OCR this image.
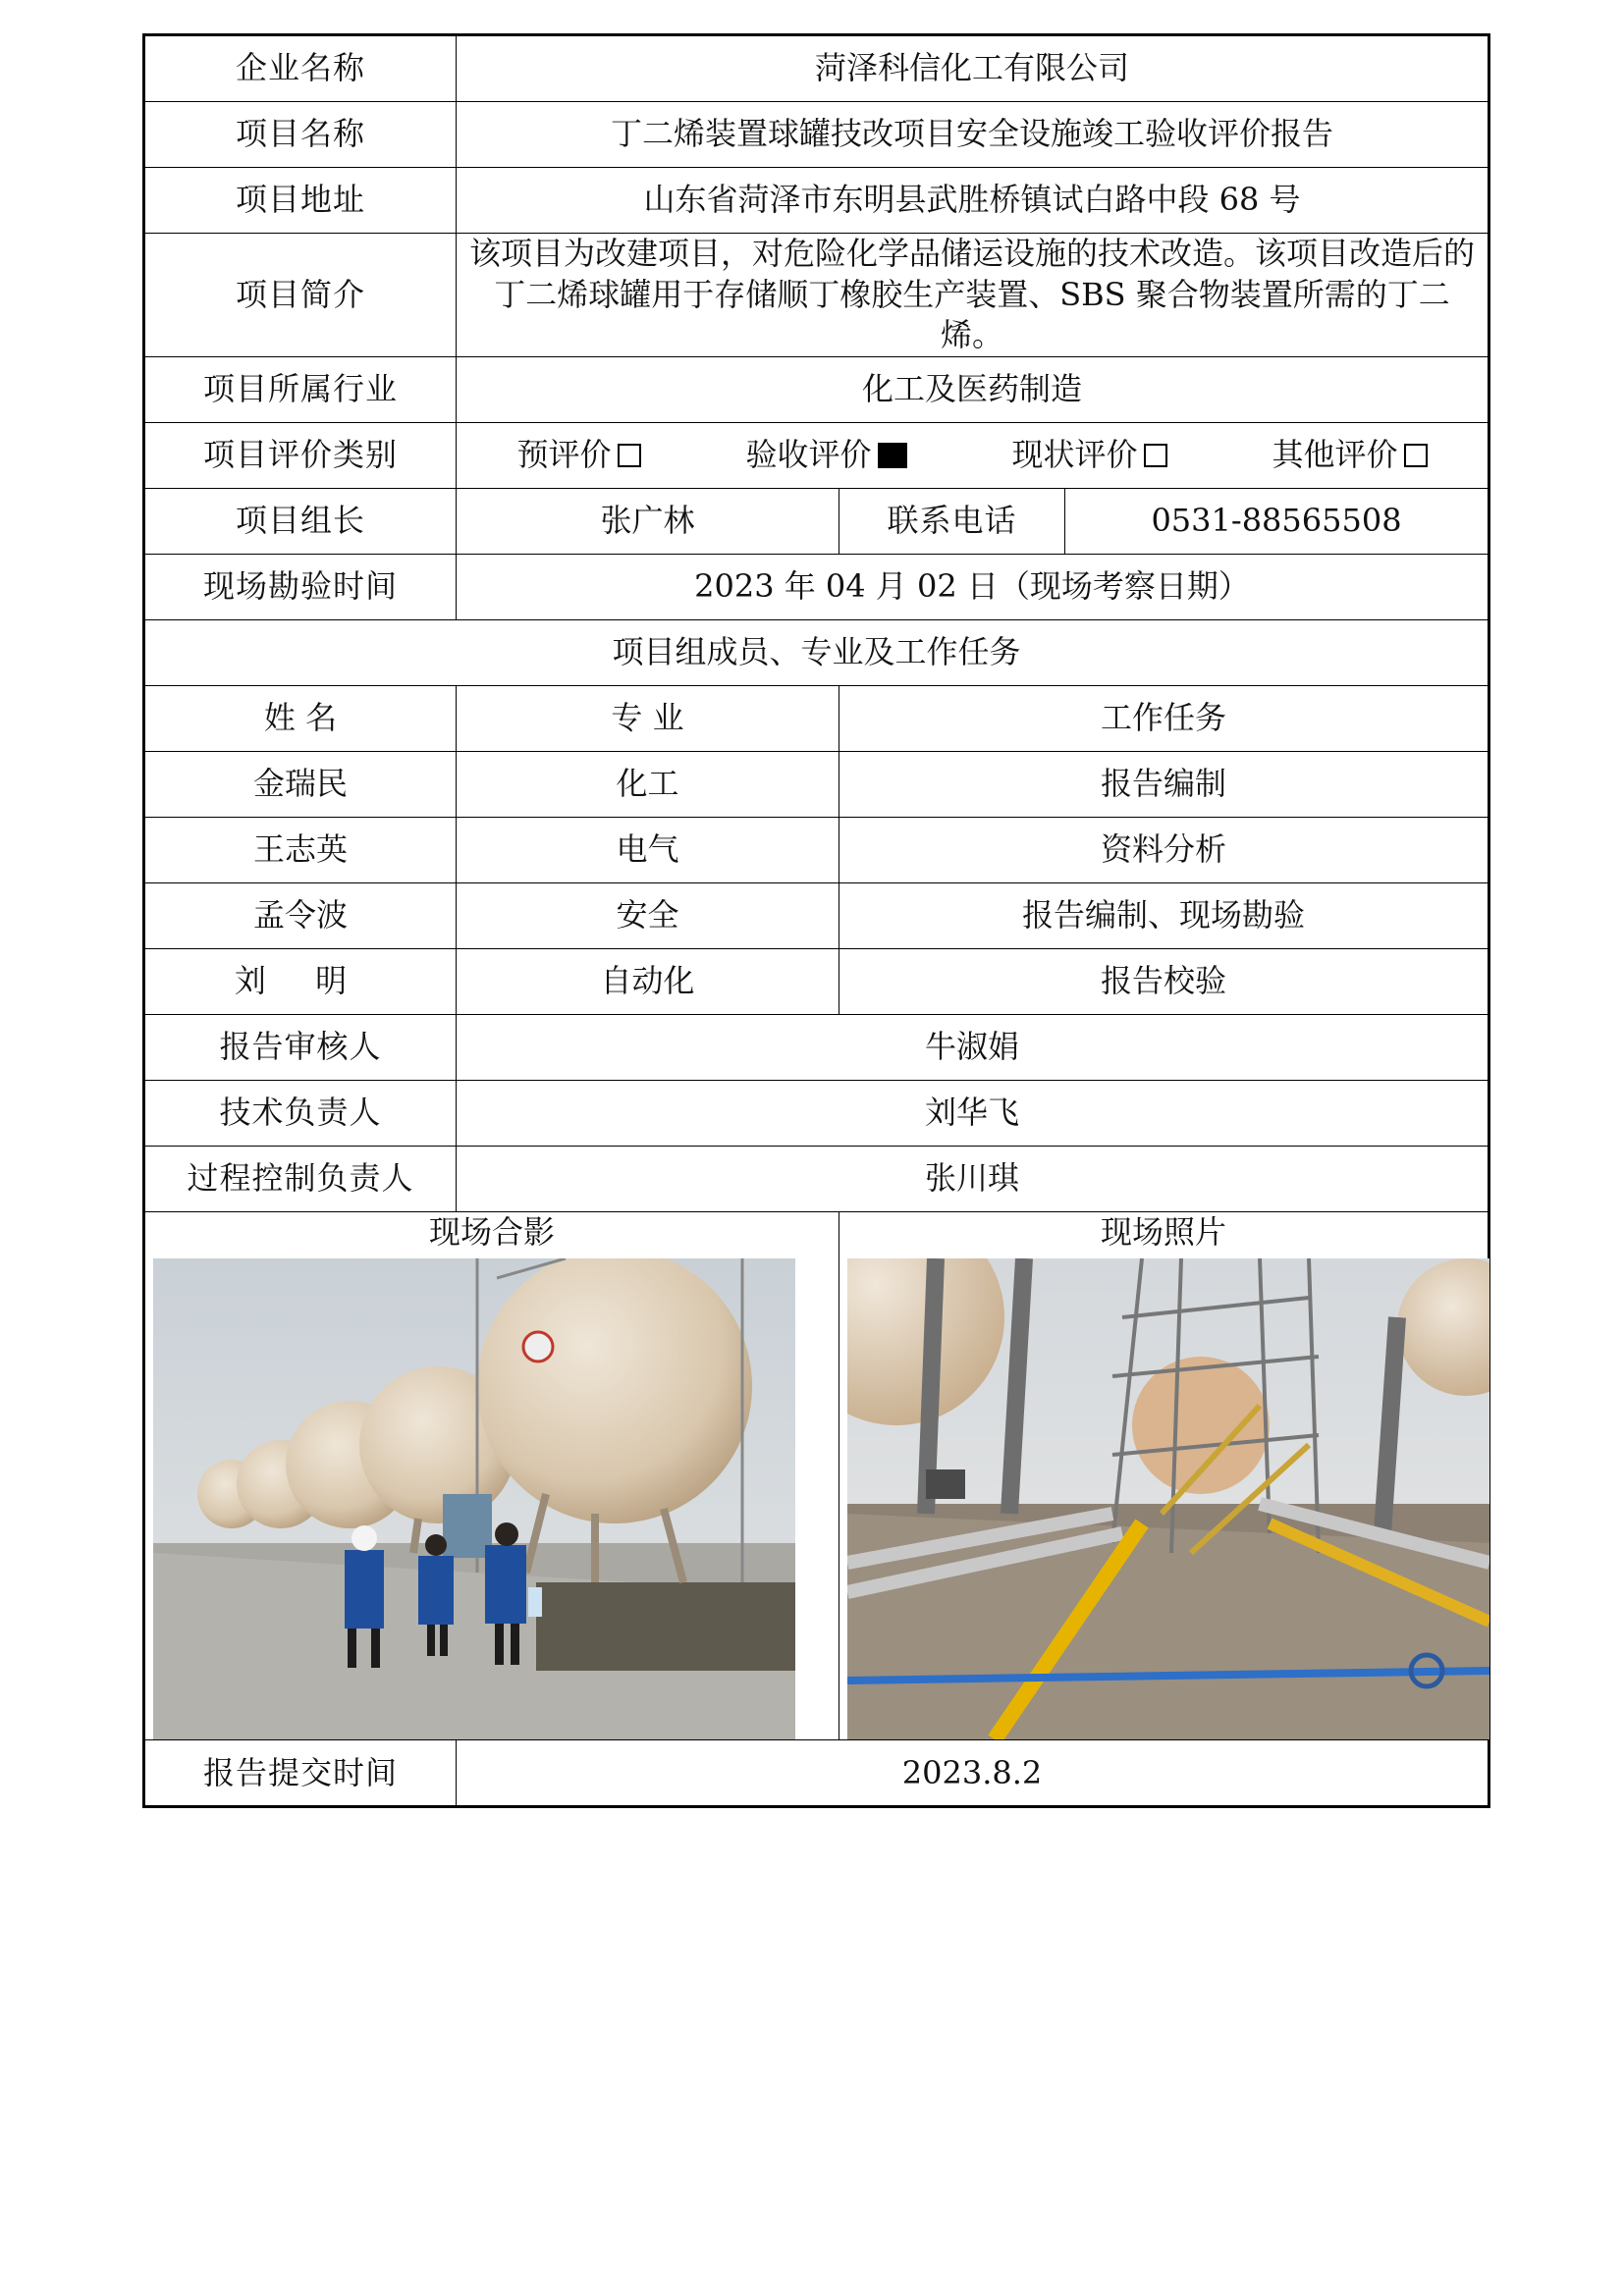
企业名称	菏泽科信化工有限公司		
项目名称	丁二烯装置球罐技改项目安全设施竣工验收评价报告		
项目地址	山东省菏泽市东明县武胜桥镇试白路中段 68 号		
项目简介	该项目为改建项目，对危险化学品储运设施的技术改造。该项目改造后的丁二烯球罐用于存储顺丁橡胶生产装置、SBS 聚合物装置所需的丁二烯。		
项目所属行业	化工及医药制造		
项目评价类别	预评价 验收评价 现状评价 其他评价		

项目组长	张广林	联系电话	0531-88565508
现场勘验时间	2023 年 04 月 02 日（现场考察日期）		
项目组成员、专业及工作任务			
姓 名	专 业	工作任务	
金瑞民	化工	报告编制	
王志英	电气	资料分析	
孟令波	安全	报告编制、现场勘验	
刘 明	自动化	报告校验	
报告审核人	牛淑娟		
技术负责人	刘华飞		
过程控制负责人	张川琪		

现场合影		现场照片	

报告提交时间	2023.8.2		
